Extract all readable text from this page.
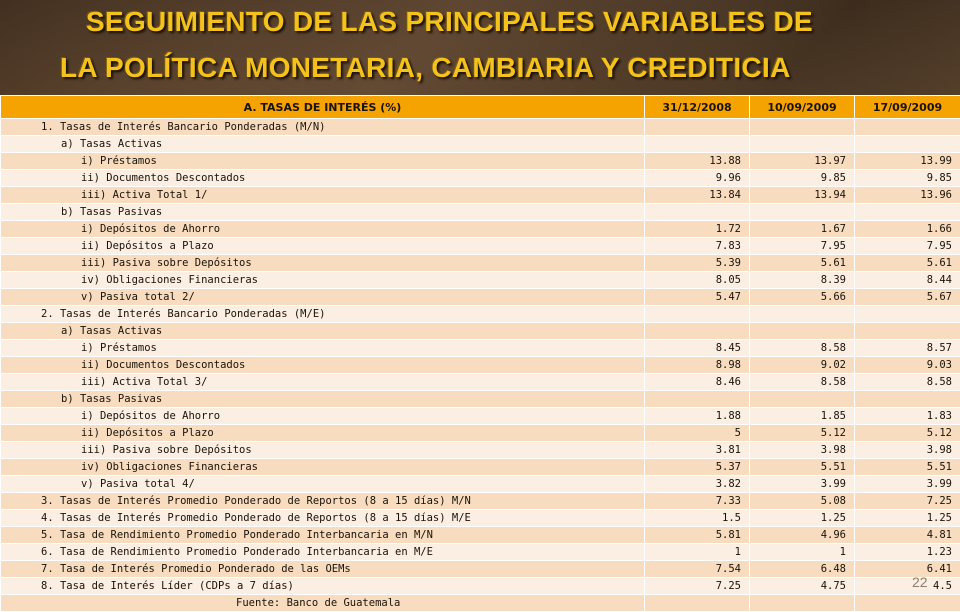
SEGUIMIENTO DE LAS PRINCIPALES VARIABLES DE
LA POLÍTICA MONETARIA, CAMBIARIA Y CREDITICIA
A. TASAS DE INTERÉS (%)	31/12/2008	10/09/2009	17/09/2009
1. Tasas de Interés Bancario Ponderadas (M/N)			
a) Tasas Activas			
i) Préstamos	13.88	13.97	13.99
ii) Documentos Descontados	9.96	9.85	9.85
iii) Activa Total 1/	13.84	13.94	13.96
b) Tasas Pasivas			
i) Depósitos de Ahorro	1.72	1.67	1.66
ii) Depósitos a Plazo	7.83	7.95	7.95
iii) Pasiva sobre Depósitos	5.39	5.61	5.61
iv) Obligaciones Financieras	8.05	8.39	8.44
v) Pasiva total 2/	5.47	5.66	5.67
2. Tasas de Interés Bancario Ponderadas (M/E)			
a) Tasas Activas			
i) Préstamos	8.45	8.58	8.57
ii) Documentos Descontados	8.98	9.02	9.03
iii) Activa Total 3/	8.46	8.58	8.58
b) Tasas Pasivas			
i) Depósitos de Ahorro	1.88	1.85	1.83
ii) Depósitos a Plazo	5	5.12	5.12
iii) Pasiva sobre Depósitos	3.81	3.98	3.98
iv) Obligaciones Financieras	5.37	5.51	5.51
v) Pasiva total 4/	3.82	3.99	3.99
3. Tasas de Interés Promedio Ponderado de Reportos (8 a 15 días) M/N	7.33	5.08	7.25
4. Tasas de Interés Promedio Ponderado de Reportos (8 a 15 días) M/E	1.5	1.25	1.25
5. Tasa de Rendimiento Promedio Ponderado Interbancaria en M/N	5.81	4.96	4.81
6. Tasa de Rendimiento Promedio Ponderado Interbancaria en M/E	1	1	1.23
7. Tasa de Interés Promedio Ponderado de las OEMs	7.54	6.48	6.41
8. Tasa de Interés Líder (CDPs a 7 días)	7.25	4.75	4.5
Fuente: Banco de Guatemala			
22
